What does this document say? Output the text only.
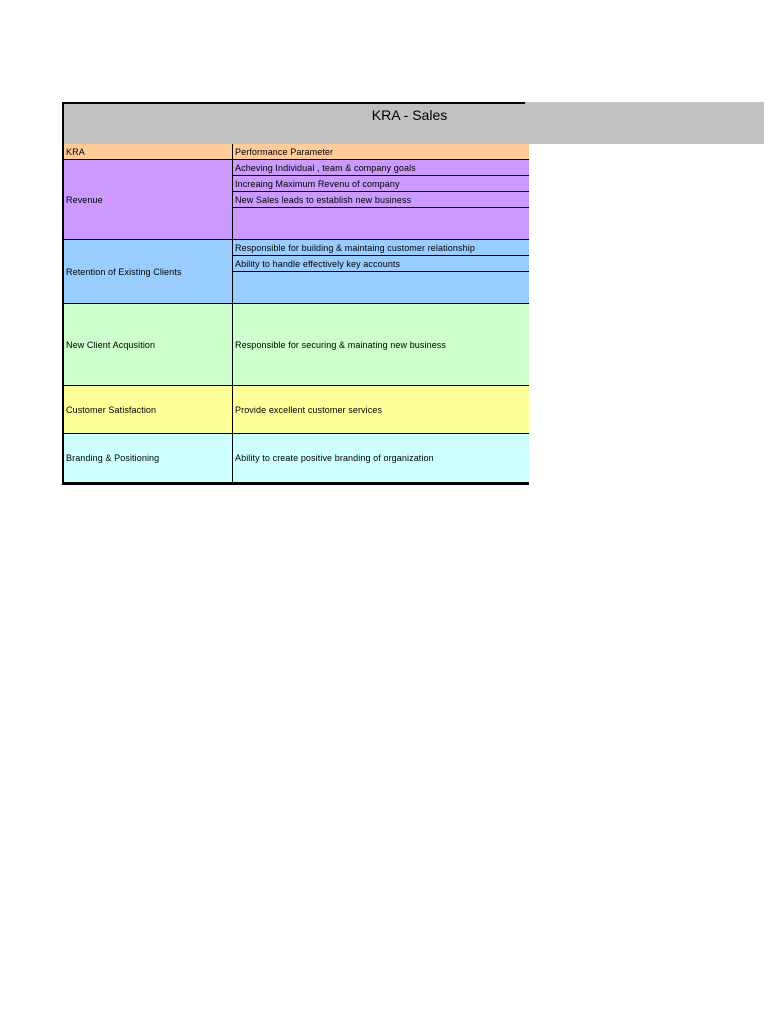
KRA - Sales
KRA	Performance Parameter
Revenue	Acheving Individual , team & company goals
	Increaing Maximum Revenu of company
	New Sales leads to establish new business

Retention of Existing Clients	Responsible for building & maintaing customer relationship
	Ability to handle effectively key accounts

New Client Acqusition	Responsible for securing & mainating new business
Customer Satisfaction	Provide excellent customer services
Branding & Positioning	Ability to create positive branding of organization
